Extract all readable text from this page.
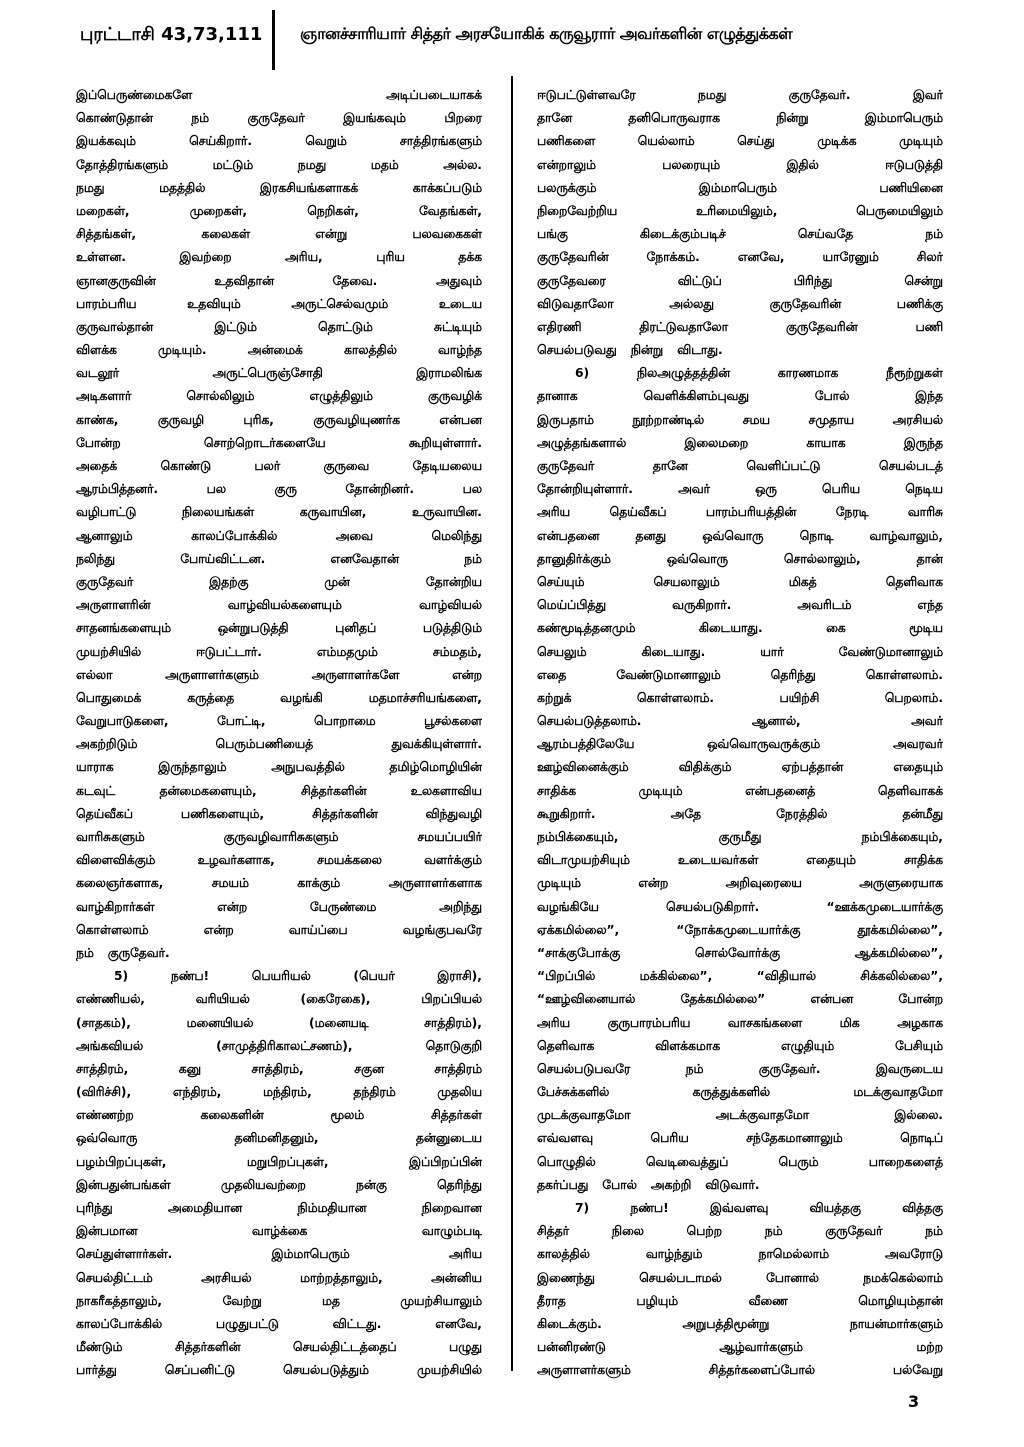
புரட்டாசி 43,73,111 ஞானச்சாரியார் சித்தர் அரசயோகிக் கருவூரார் அவர்களின் எழுத்துக்கள்
இப்பெருண்மைகளே	அடிப்படையாகக்
கொண்டுதான்	நம்	குருதேவர்	இயங்கவும்	பிறரை
இயக்கவும்	செய்கிறார்.	வெறும்	சாத்திரங்களும்
தோத்திரங்களும்	மட்டும்	நமது	மதம்	அல்ல.
நமது	மதத்தில்	இரகசியங்களாகக்	காக்கப்படும்
மறைகள்,	முறைகள்,	நெறிகள்,	வேதங்கள்,
சித்தங்கள்,	கலைகள்	என்று	பலவகைகள்
உள்ளன.	இவற்றை	அரிய,	புரிய	தக்க
ஞானகுருவின்	உதவிதான்	தேவை.	அதுவும்
பாரம்பரிய	உதவியும்	அருட்செல்வமும்	உடைய
குருவால்தான்	இட்டும்	தொட்டும்	சுட்டியும்
விளக்க	முடியும்.	அன்மைக்	காலத்தில்	வாழ்ந்த
வடலூர்	அருட்பெருஞ்சோதி	இராமலிங்க
அடிகளார்	சொல்லிலும்	எழுத்திலும்	குருவழிக்
காண்க,	குருவழி	புரிக,	குருவழியுணர்க	என்பன
போன்ற	சொற்றொடர்களையே	கூறியுள்ளார்.
அதைக்	கொண்டு	பலர்	குருவை	தேடியலைய
ஆரம்பித்தனர்.	பல	குரு	தோன்றினர்.	பல
வழிபாட்டு	நிலையங்கள்	கருவாயின,	உருவாயின.
ஆனாலும்	காலப்போக்கில்	அவை	மெலிந்து
நலிந்து	போய்விட்டன.	எனவேதான்	நம்
குருதேவர்	இதற்கு	முன்	தோன்றிய
அருளாளரின்	வாழ்வியல்களையும்	வாழ்வியல்
சாதனங்களையும்	ஒன்றுபடுத்தி	புனிதப்	படுத்திடும்
முயற்சியில்	ஈடுபட்டார்.	எம்மதமும்	சம்மதம்,
எல்லா	அருளாளர்களும்	அருளாளர்களே	என்ற
பொதுமைக்	கருத்தை	வழங்கி	மதமாச்சரியங்களை,
வேறுபாடுகளை,	போட்டி,	பொறாமை	பூசல்களை
அகற்றிடும்	பெரும்பணியைத்	துவக்கியுள்ளார்.
யாராக	இருந்தாலும்	அநுபவத்தில்	தமிழ்மொழியின்
கடவுட்	தன்மைகளையும்,	சித்தர்களின்	உலகளாவிய
தெய்வீகப்	பணிகளையும்,	சித்தர்களின்	விந்துவழி
வாரிசுகளும்	குருவழிவாரிசுகளும்	சமயப்பயிர்
விளைவிக்கும்	உழவர்களாக,	சமயக்கலை	வளர்க்கும்
கலைஞர்களாக,	சமயம்	காக்கும்	அருளாளர்களாக
வாழ்கிறார்கள்	என்ற	பேருண்மை	அறிந்து
கொள்ளலாம்	என்ற	வாய்ப்பை	வழங்குபவரே
நம் குருதேவர்.
5)	நண்ப!	பெயரியல்	(பெயர்	இராசி),
எண்ணியல்,	வரியியல்	(கைரேகை),	பிறப்பியல்
(சாதகம்),	மனையியல்	(மனையடி	சாத்திரம்),
அங்கவியல்	(சாமுத்திரிகாலட்சணம்),	தொடுகுறி
சாத்திரம்,	கனு	சாத்திரம்,	சகுன	சாத்திரம்
(விரிச்சி),	எந்திரம்,	மந்திரம்,	தந்திரம்	முதலிய
எண்ணற்ற	கலைகளின்	மூலம்	சித்தர்கள்
ஒவ்வொரு	தனிமனிதனும்,	தன்னுடைய
பழம்பிறப்புகள்,	மறுபிறப்புகள்,	இப்பிறப்பின்
இன்பதுன்பங்கள்	முதலியவற்றை	நன்கு	தெரிந்து
புரிந்து	அமைதியான	நிம்மதியான	நிறைவான
இன்பமான	வாழ்க்கை	வாழும்படி
செய்துள்ளார்கள்.	இம்மாபெரும்	அரிய
செயல்திட்டம்	அரசியல்	மாற்றத்தாலும்,	அன்னிய
நாகரீகத்தாலும்,	வேற்று	மத	முயற்சியாலும்
காலப்போக்கில்	பழுதுபட்டு	விட்டது.	எனவே,
மீண்டும்	சித்தர்களின்	செயல்திட்டத்தைப்	பழுது
பார்த்து	செப்பனிட்டு	செயல்படுத்தும்	முயற்சியில்
ஈடுபட்டுள்ளவரே	நமது	குருதேவர்.	இவர்
தானே	தனிபொருவராக	நின்று	இம்மாபெரும்
பணிகளை	யெல்லாம்	செய்து	முடிக்க	முடியும்
என்றாலும்	பலரையும்	இதில்	ஈடுபடுத்தி
பலருக்கும்	இம்மாபெரும்	பணியினை
நிறைவேற்றிய	உரிமையிலும்,	பெருமையிலும்
பங்கு	கிடைக்கும்படிச்	செய்வதே	நம்
குருதேவரின்	நோக்கம்.	எனவே,	யாரேனும்	சிலர்
குருதேவரை	விட்டுப்	பிரிந்து	சென்று
விடுவதாலோ	அல்லது	குருதேவரின்	பணிக்கு
எதிரணி	திரட்டுவதாலோ	குருதேவரின்	பணி
செயல்படுவது நின்று விடாது.
6)	நிலஅழுத்தத்தின்	காரணமாக	நீரூற்றுகள்
தானாக	வெளிக்கிளம்புவது	போல்	இந்த
இருபதாம்	நூற்றாண்டில்	சமய	சமுதாய	அரசியல்
அழுத்தங்களால்	இலைமறை	காயாக	இருந்த
குருதேவர்	தானே	வெளிப்பட்டு	செயல்படத்
தோன்றியுள்ளார்.	அவர்	ஒரு	பெரிய	நெடிய
அரிய	தெய்வீகப்	பாரம்பரியத்தின்	நேரடி	வாரிசு
என்பதனை	தனது	ஒவ்வொரு	நொடி	வாழ்வாலும்,
தானுதிர்க்கும்	ஒவ்வொரு	சொல்லாலும்,	தான்
செய்யும்	செயலாலும்	மிகத்	தெளிவாக
மெய்ப்பித்து	வருகிறார்.	அவரிடம்	எந்த
கண்மூடித்தனமும்	கிடையாது.	கை	மூடிய
செயலும்	கிடையாது.	யார்	வேண்டுமானாலும்
எதை	வேண்டுமானாலும்	தெரிந்து	கொள்ளலாம்.
கற்றுக்	கொள்ளலாம்.	பயிற்சி	பெறலாம்.
செயல்படுத்தலாம்.	ஆனால்,	அவர்
ஆரம்பத்திலேயே	ஒவ்வொருவருக்கும்	அவரவர்
ஊழ்வினைக்கும்	விதிக்கும்	ஏற்பத்தான்	எதையும்
சாதிக்க	முடியும்	என்பதனைத்	தெளிவாகக்
கூறுகிறார்.	அதே	நேரத்தில்	தன்மீது
நம்பிக்கையும்,	குருமீது	நம்பிக்கையும்,
விடாமுயற்சியும்	உடையவர்கள்	எதையும்	சாதிக்க
முடியும்	என்ற	அறிவுரையை	அருளுரையாக
வழங்கியே	செயல்படுகிறார்.	“ஊக்கமுடையார்க்கு
ஏக்கமில்லை”,	“நோக்கமுடையார்க்கு	தூக்கமில்லை”,
“சாக்குபோக்கு	சொல்வோர்க்கு	ஆக்கமில்லை”,
“பிறப்பில்	மக்கில்லை”,	“விதியால்	சிக்கலில்லை”,
“ஊழ்வினையால்	தேக்கமில்லை”	என்பன	போன்ற
அரிய	குருபாரம்பரிய	வாசகங்களை	மிக	அழகாக
தெளிவாக	விளக்கமாக	எழுதியும்	பேசியும்
செயல்படுபவரே	நம்	குருதேவர்.	இவருடைய
பேச்சுக்களில்	கருத்துக்களில்	மடக்குவாதமோ
முடக்குவாதமோ	அடக்குவாதமோ	இல்லை.
எவ்வளவு	பெரிய	சந்தேகமானாலும்	நொடிப்
பொழுதில்	வெடிவைத்துப்	பெரும்	பாறைகளைத்
தகர்ப்பது போல் அகற்றி விடுவார்.
7)	நண்ப!	இவ்வளவு	வியத்தகு	வித்தகு
சித்தர்	நிலை	பெற்ற	நம்	குருதேவர்	நம்
காலத்தில்	வாழ்ந்தும்	நாமெல்லாம்	அவரோடு
இணைந்து	செயல்படாமல்	போனால்	நமக்கெல்லாம்
தீராத	பழியும்	வீணை	மொழியும்தான்
கிடைக்கும்.	அறுபத்திமூன்று	நாயன்மார்களும்
பன்னிரண்டு	ஆழ்வார்களும்	மற்ற
அருளாளர்களும்	சித்தர்களைப்போல்	பல்வேறு
3
